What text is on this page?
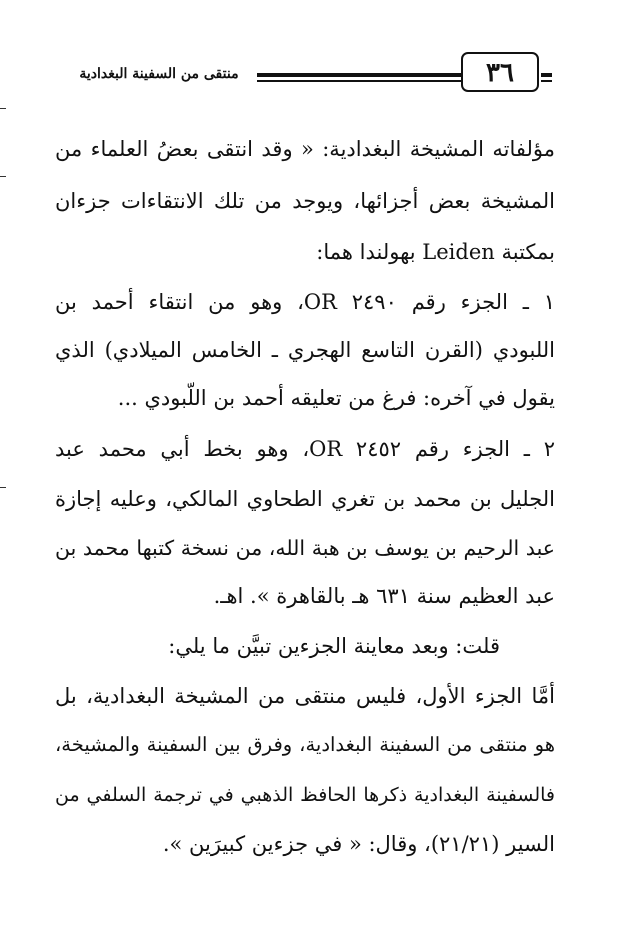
منتقى من السفينة البغدادية	٣٦
مؤلفاته المشيخة البغدادية: « وقد انتقى بعضُ العلماء من
المشيخة بعض أجزائها، ويوجد من تلك الانتقاءات جزءان
بمكتبة Leiden بهولندا هما:
١ ـ الجزء رقم ٢٤٩٠ OR، وهو من انتقاء أحمد بن
اللبودي (القرن التاسع الهجري ـ الخامس الميلادي) الذي
يقول في آخره: فرغ من تعليقه أحمد بن اللّبودي ...
٢ ـ الجزء رقم ٢٤٥٢ OR، وهو بخط أبي محمد عبد
الجليل بن محمد بن تغري الطحاوي المالكي، وعليه إجازة
عبد الرحيم بن يوسف بن هبة الله، من نسخة كتبها محمد بن
عبد العظيم سنة ٦٣١ هـ بالقاهرة ». اهـ.
قلت: وبعد معاينة الجزءين تبيَّن ما يلي:
أمَّا الجزء الأول، فليس منتقى من المشيخة البغدادية، بل
هو منتقى من السفينة البغدادية، وفرق بين السفينة والمشيخة،
فالسفينة البغدادية ذكرها الحافظ الذهبي في ترجمة السلفي من
السير (٢١/٢١)، وقال: « في جزءين كبيرَين ».
